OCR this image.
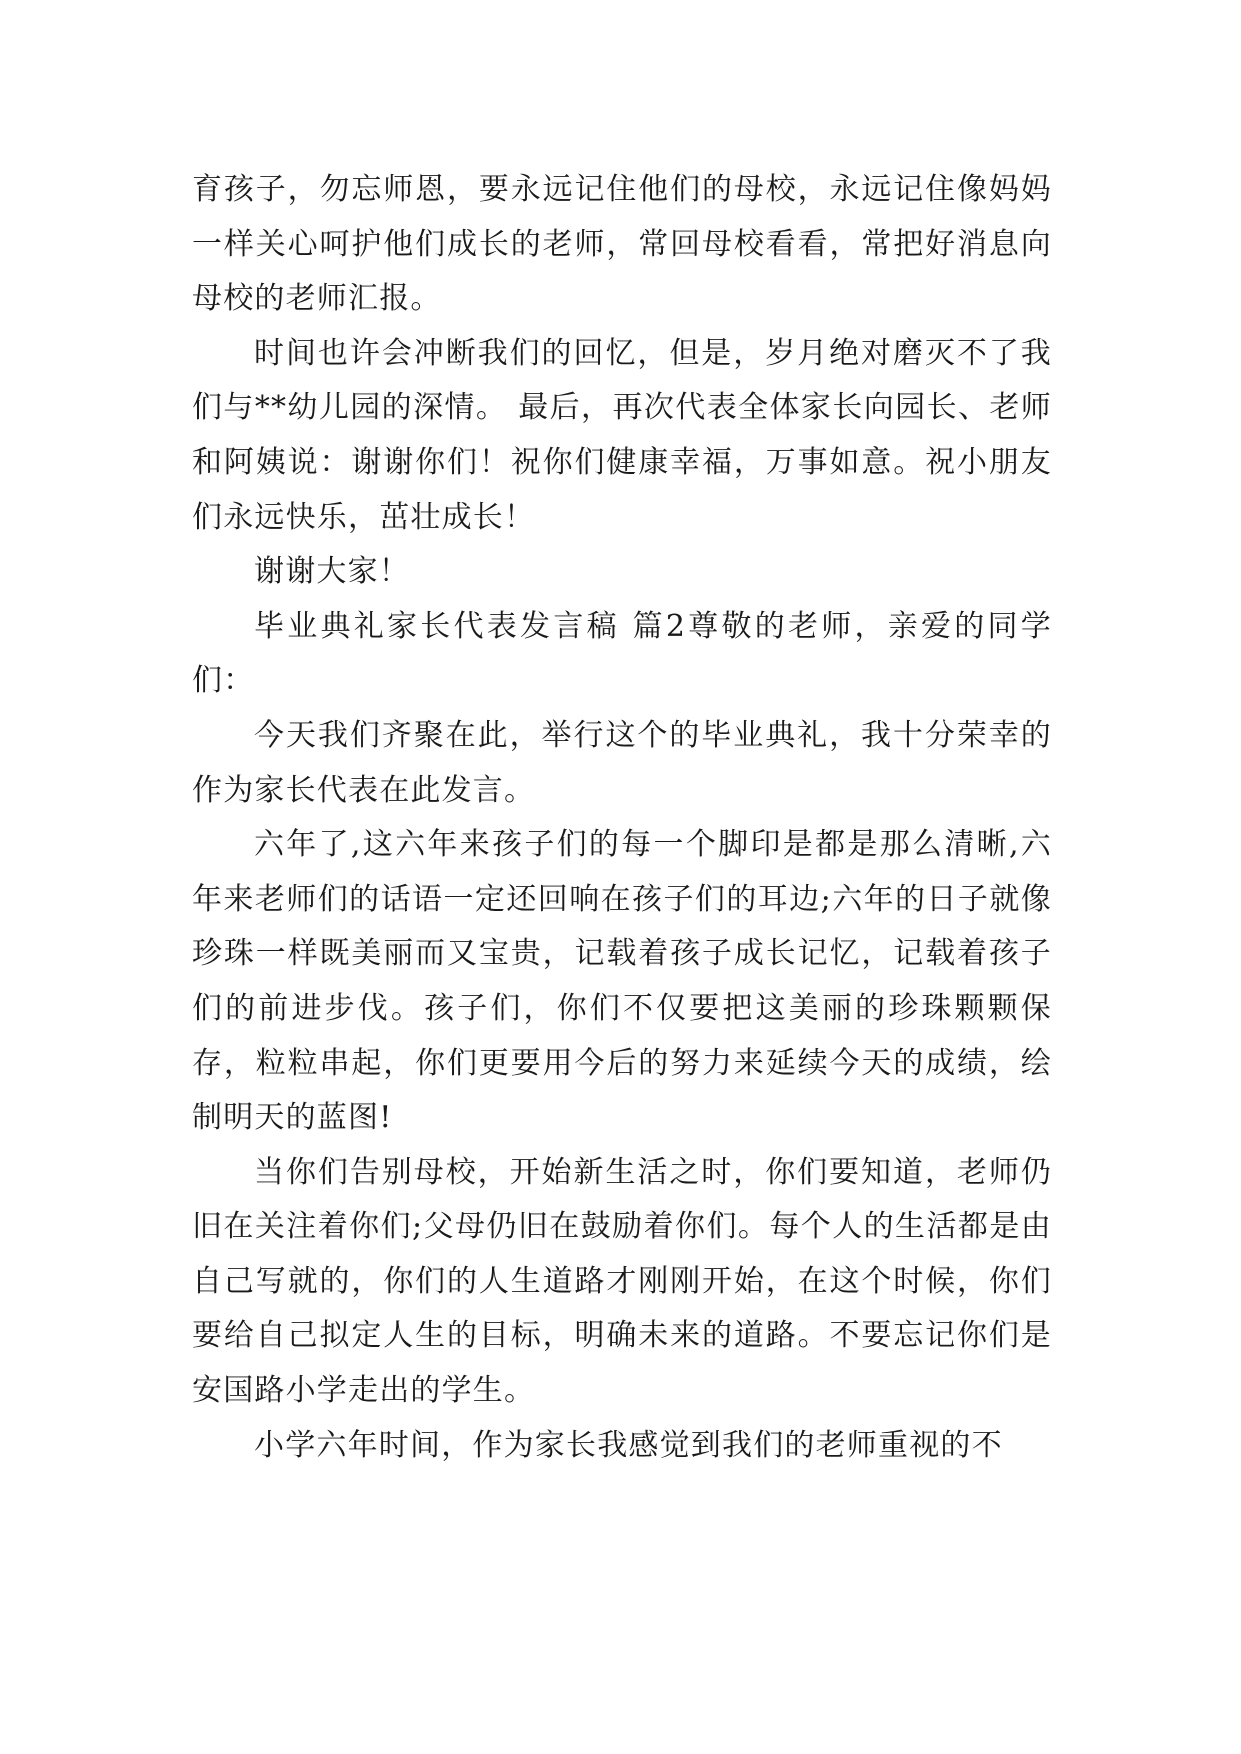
育孩子，勿忘师恩，要永远记住他们的母校，永远记住像妈妈一样关心呵护他们成长的老师，常回母校看看，常把好消息向母校的老师汇报。

时间也许会冲断我们的回忆，但是，岁月绝对磨灭不了我们与**幼儿园的深情。 最后，再次代表全体家长向园长、老师和阿姨说：谢谢你们！祝你们健康幸福，万事如意。祝小朋友们永远快乐，茁壮成长！

谢谢大家！

毕业典礼家长代表发言稿 篇2尊敬的老师，亲爱的同学们：

今天我们齐聚在此，举行这个的毕业典礼，我十分荣幸的作为家长代表在此发言。

六年了,这六年来孩子们的每一个脚印是都是那么清晰,六年来老师们的话语一定还回响在孩子们的耳边;六年的日子就像珍珠一样既美丽而又宝贵，记载着孩子成长记忆，记载着孩子们的前进步伐。孩子们，你们不仅要把这美丽的珍珠颗颗保存，粒粒串起，你们更要用今后的努力来延续今天的成绩，绘制明天的蓝图!

当你们告别母校，开始新生活之时，你们要知道，老师仍旧在关注着你们;父母仍旧在鼓励着你们。每个人的生活都是由自己写就的，你们的人生道路才刚刚开始，在这个时候，你们要给自己拟定人生的目标，明确未来的道路。不要忘记你们是安国路小学走出的学生。

小学六年时间，作为家长我感觉到我们的老师重视的不
